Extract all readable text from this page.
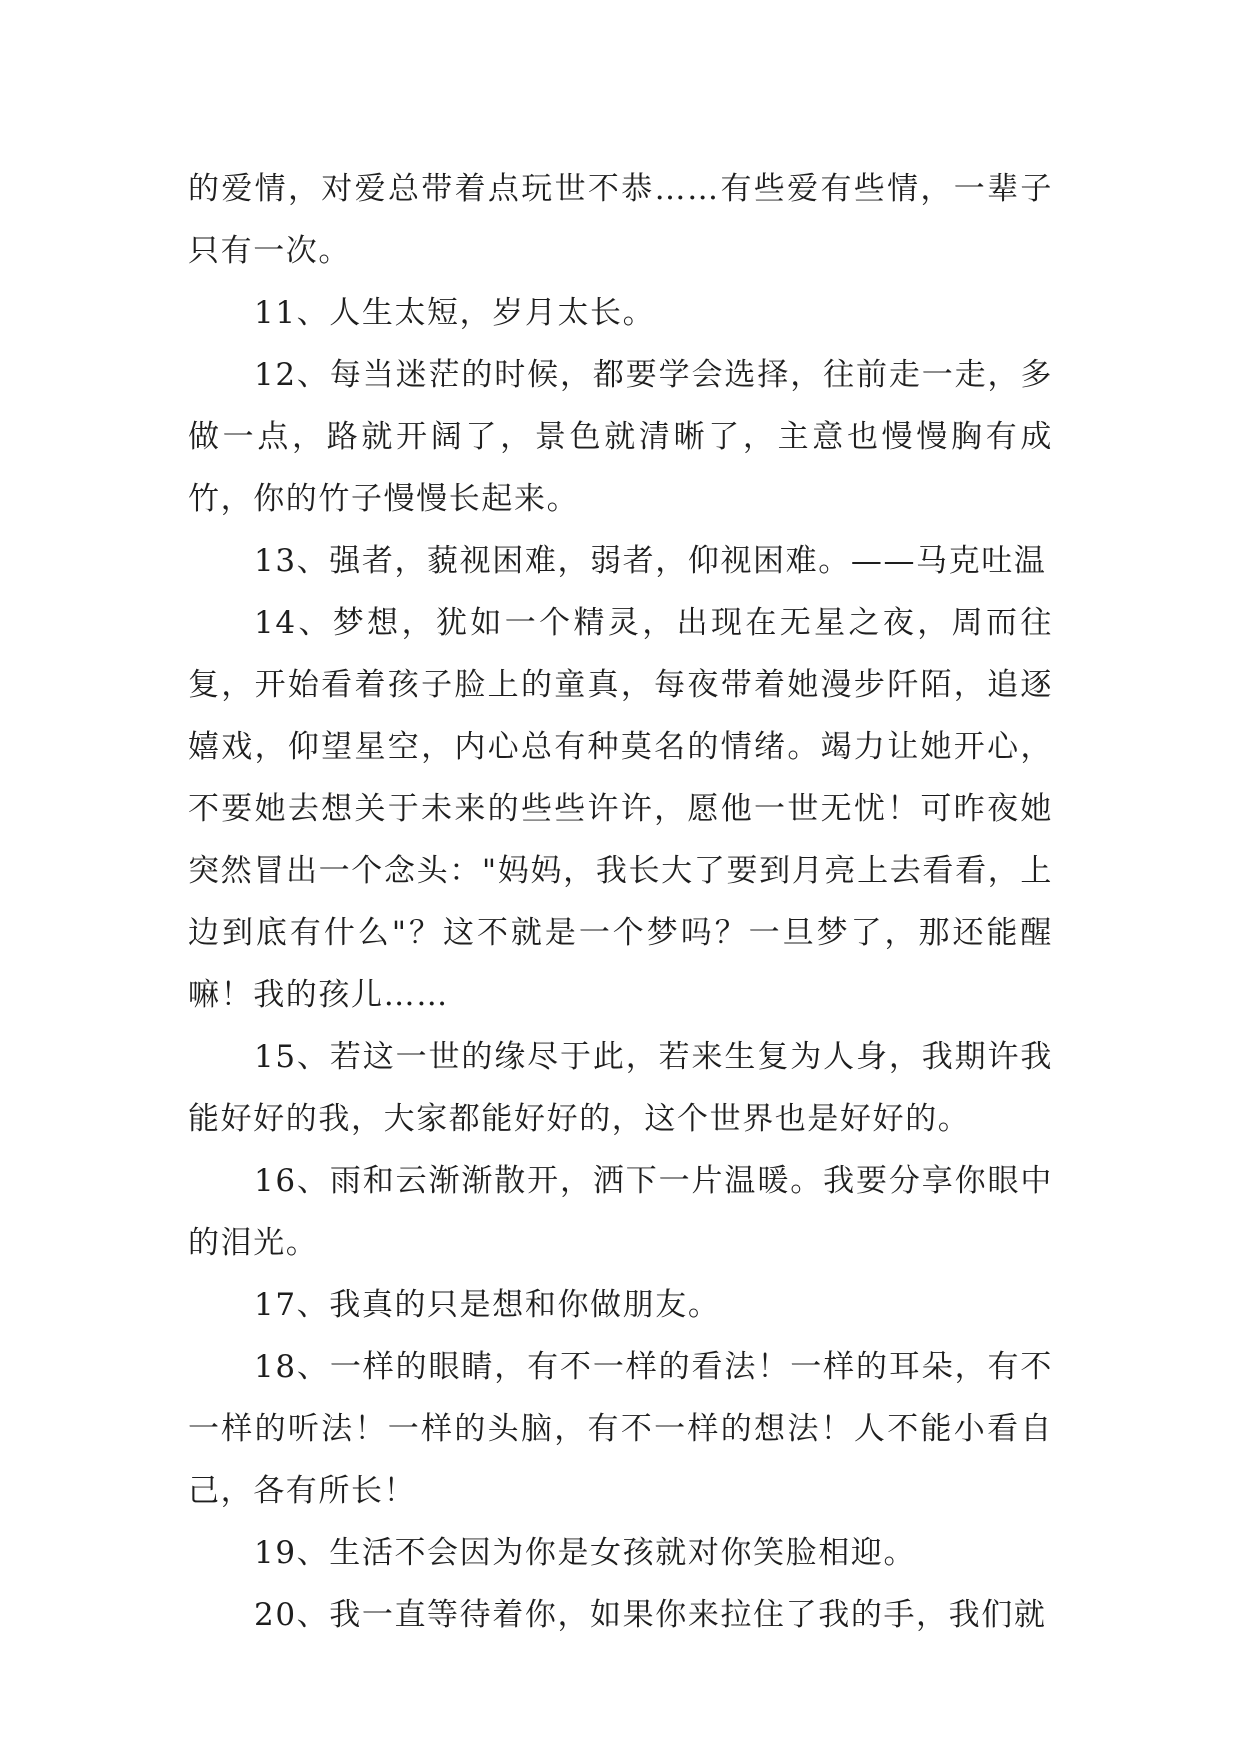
的爱情，对爱总带着点玩世不恭……有些爱有些情，一辈子只有一次。

11、人生太短，岁月太长。

12、每当迷茫的时候，都要学会选择，往前走一走，多做一点，路就开阔了，景色就清晰了，主意也慢慢胸有成竹，你的竹子慢慢长起来。

13、强者，藐视困难，弱者，仰视困难。——马克吐温

14、梦想，犹如一个精灵，出现在无星之夜，周而往复，开始看着孩子脸上的童真，每夜带着她漫步阡陌，追逐嬉戏，仰望星空，内心总有种莫名的情绪。竭力让她开心，不要她去想关于未来的些些许许，愿他一世无忧！可昨夜她突然冒出一个念头："妈妈，我长大了要到月亮上去看看，上边到底有什么"？这不就是一个梦吗？一旦梦了，那还能醒嘛！我的孩儿……

15、若这一世的缘尽于此，若来生复为人身，我期许我能好好的我，大家都能好好的，这个世界也是好好的。

16、雨和云渐渐散开，洒下一片温暖。我要分享你眼中的泪光。

17、我真的只是想和你做朋友。

18、一样的眼睛，有不一样的看法！一样的耳朵，有不一样的听法！一样的头脑，有不一样的想法！人不能小看自己，各有所长！

19、生活不会因为你是女孩就对你笑脸相迎。

20、我一直等待着你，如果你来拉住了我的手，我们就
